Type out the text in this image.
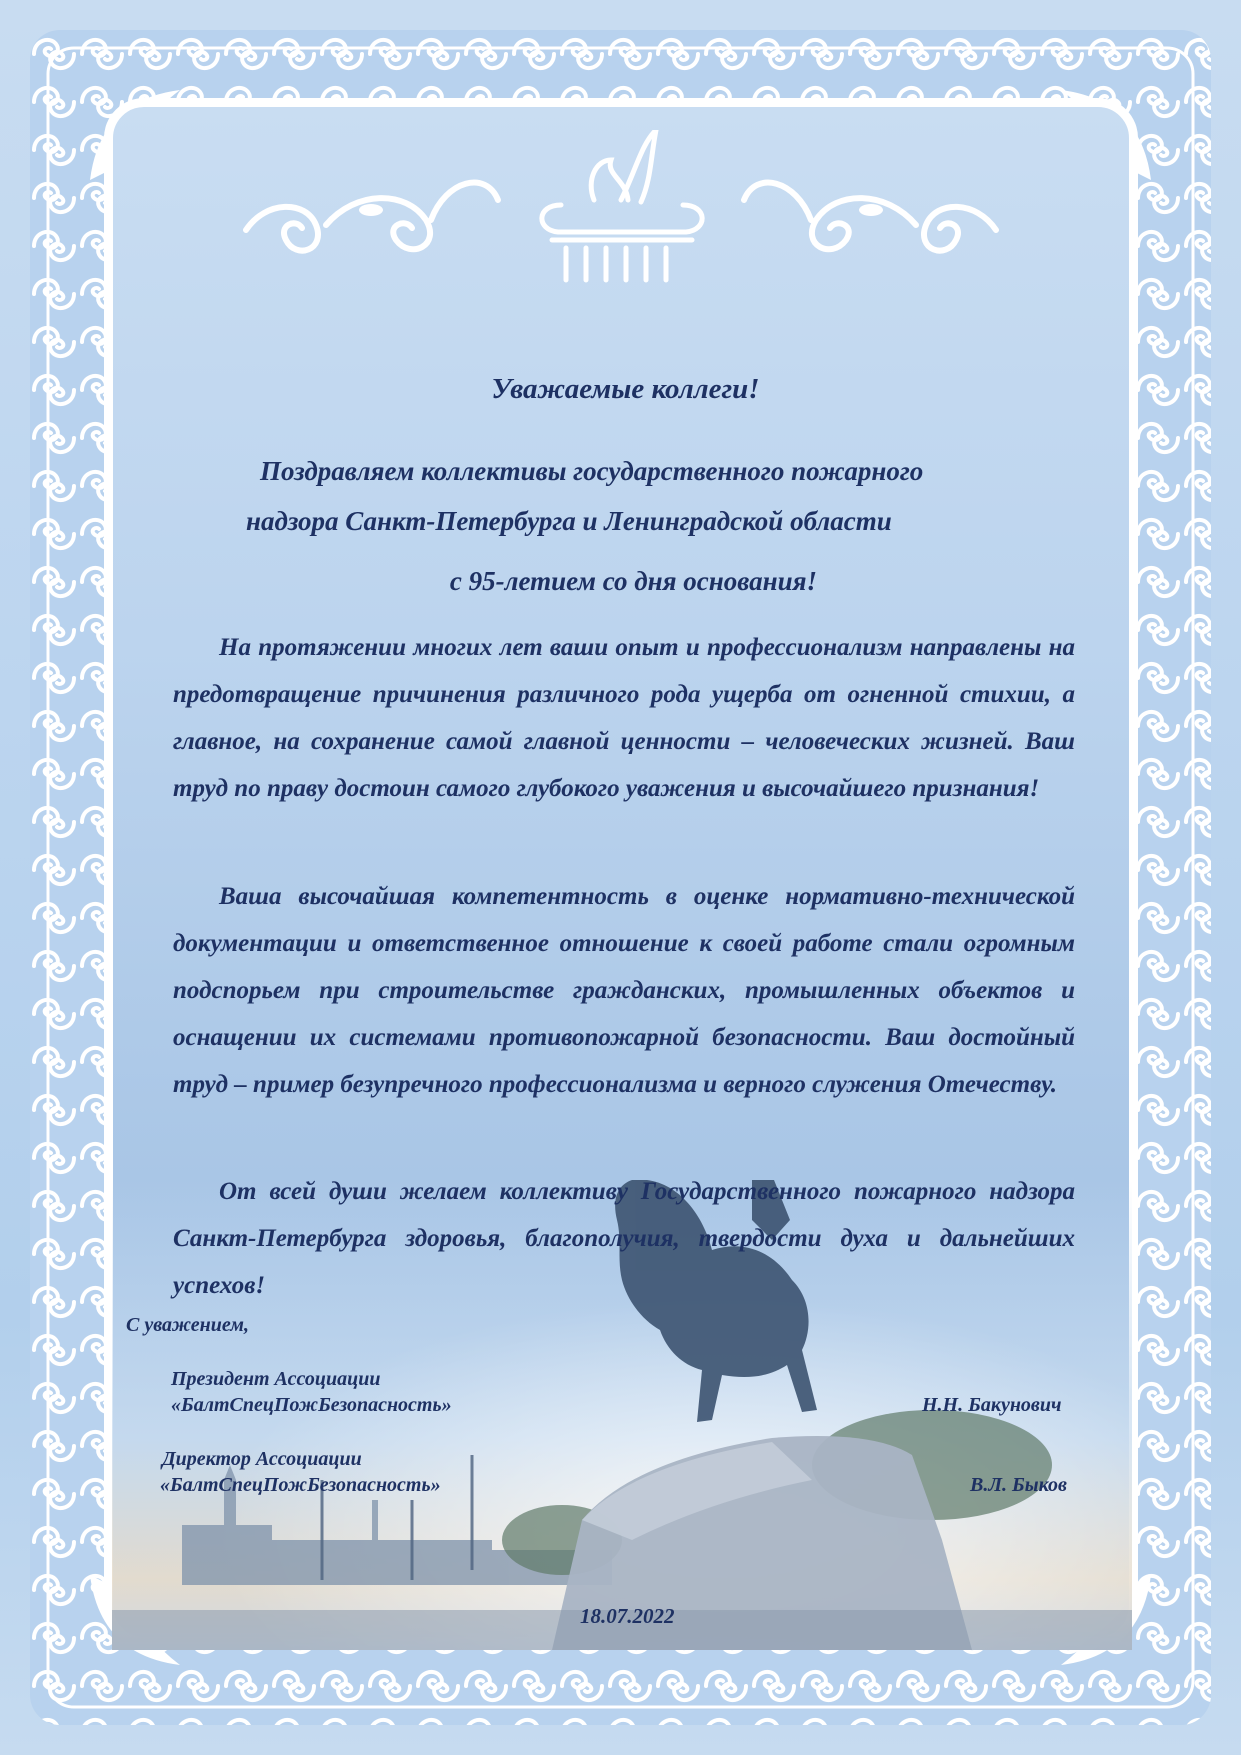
Уважаемые коллеги!

Поздравляем коллективы государственного пожарного
надзора Санкт-Петербурга и Ленинградской области

с 95-летием со дня основания!

На протяжении многих лет ваши опыт и профессионализм направлены на предотвращение причинения различного рода ущерба от огненной стихии, а главное, на сохранение самой главной ценности – человеческих жизней. Ваш труд по праву достоин самого глубокого уважения и высочайшего признания!

Ваша высочайшая компетентность в оценке нормативно-технической документации и ответственное отношение к своей работе стали огромным подспорьем при строительстве гражданских, промышленных объектов и оснащении их системами противопожарной безопасности. Ваш достойный труд – пример безупречного профессионализма и верного служения Отечеству.

От всей души желаем коллективу Государственного пожарного надзора Санкт-Петербурга здоровья, благополучия, твердости духа и дальнейших успехов!

С уважением,

Президент Ассоциации
«БалтСпецПожБезопасность»	Н.Н. Бакунович

Директор Ассоциации
«БалтСпецПожБезопасность»	В.Л. Быков

18.07.2022
